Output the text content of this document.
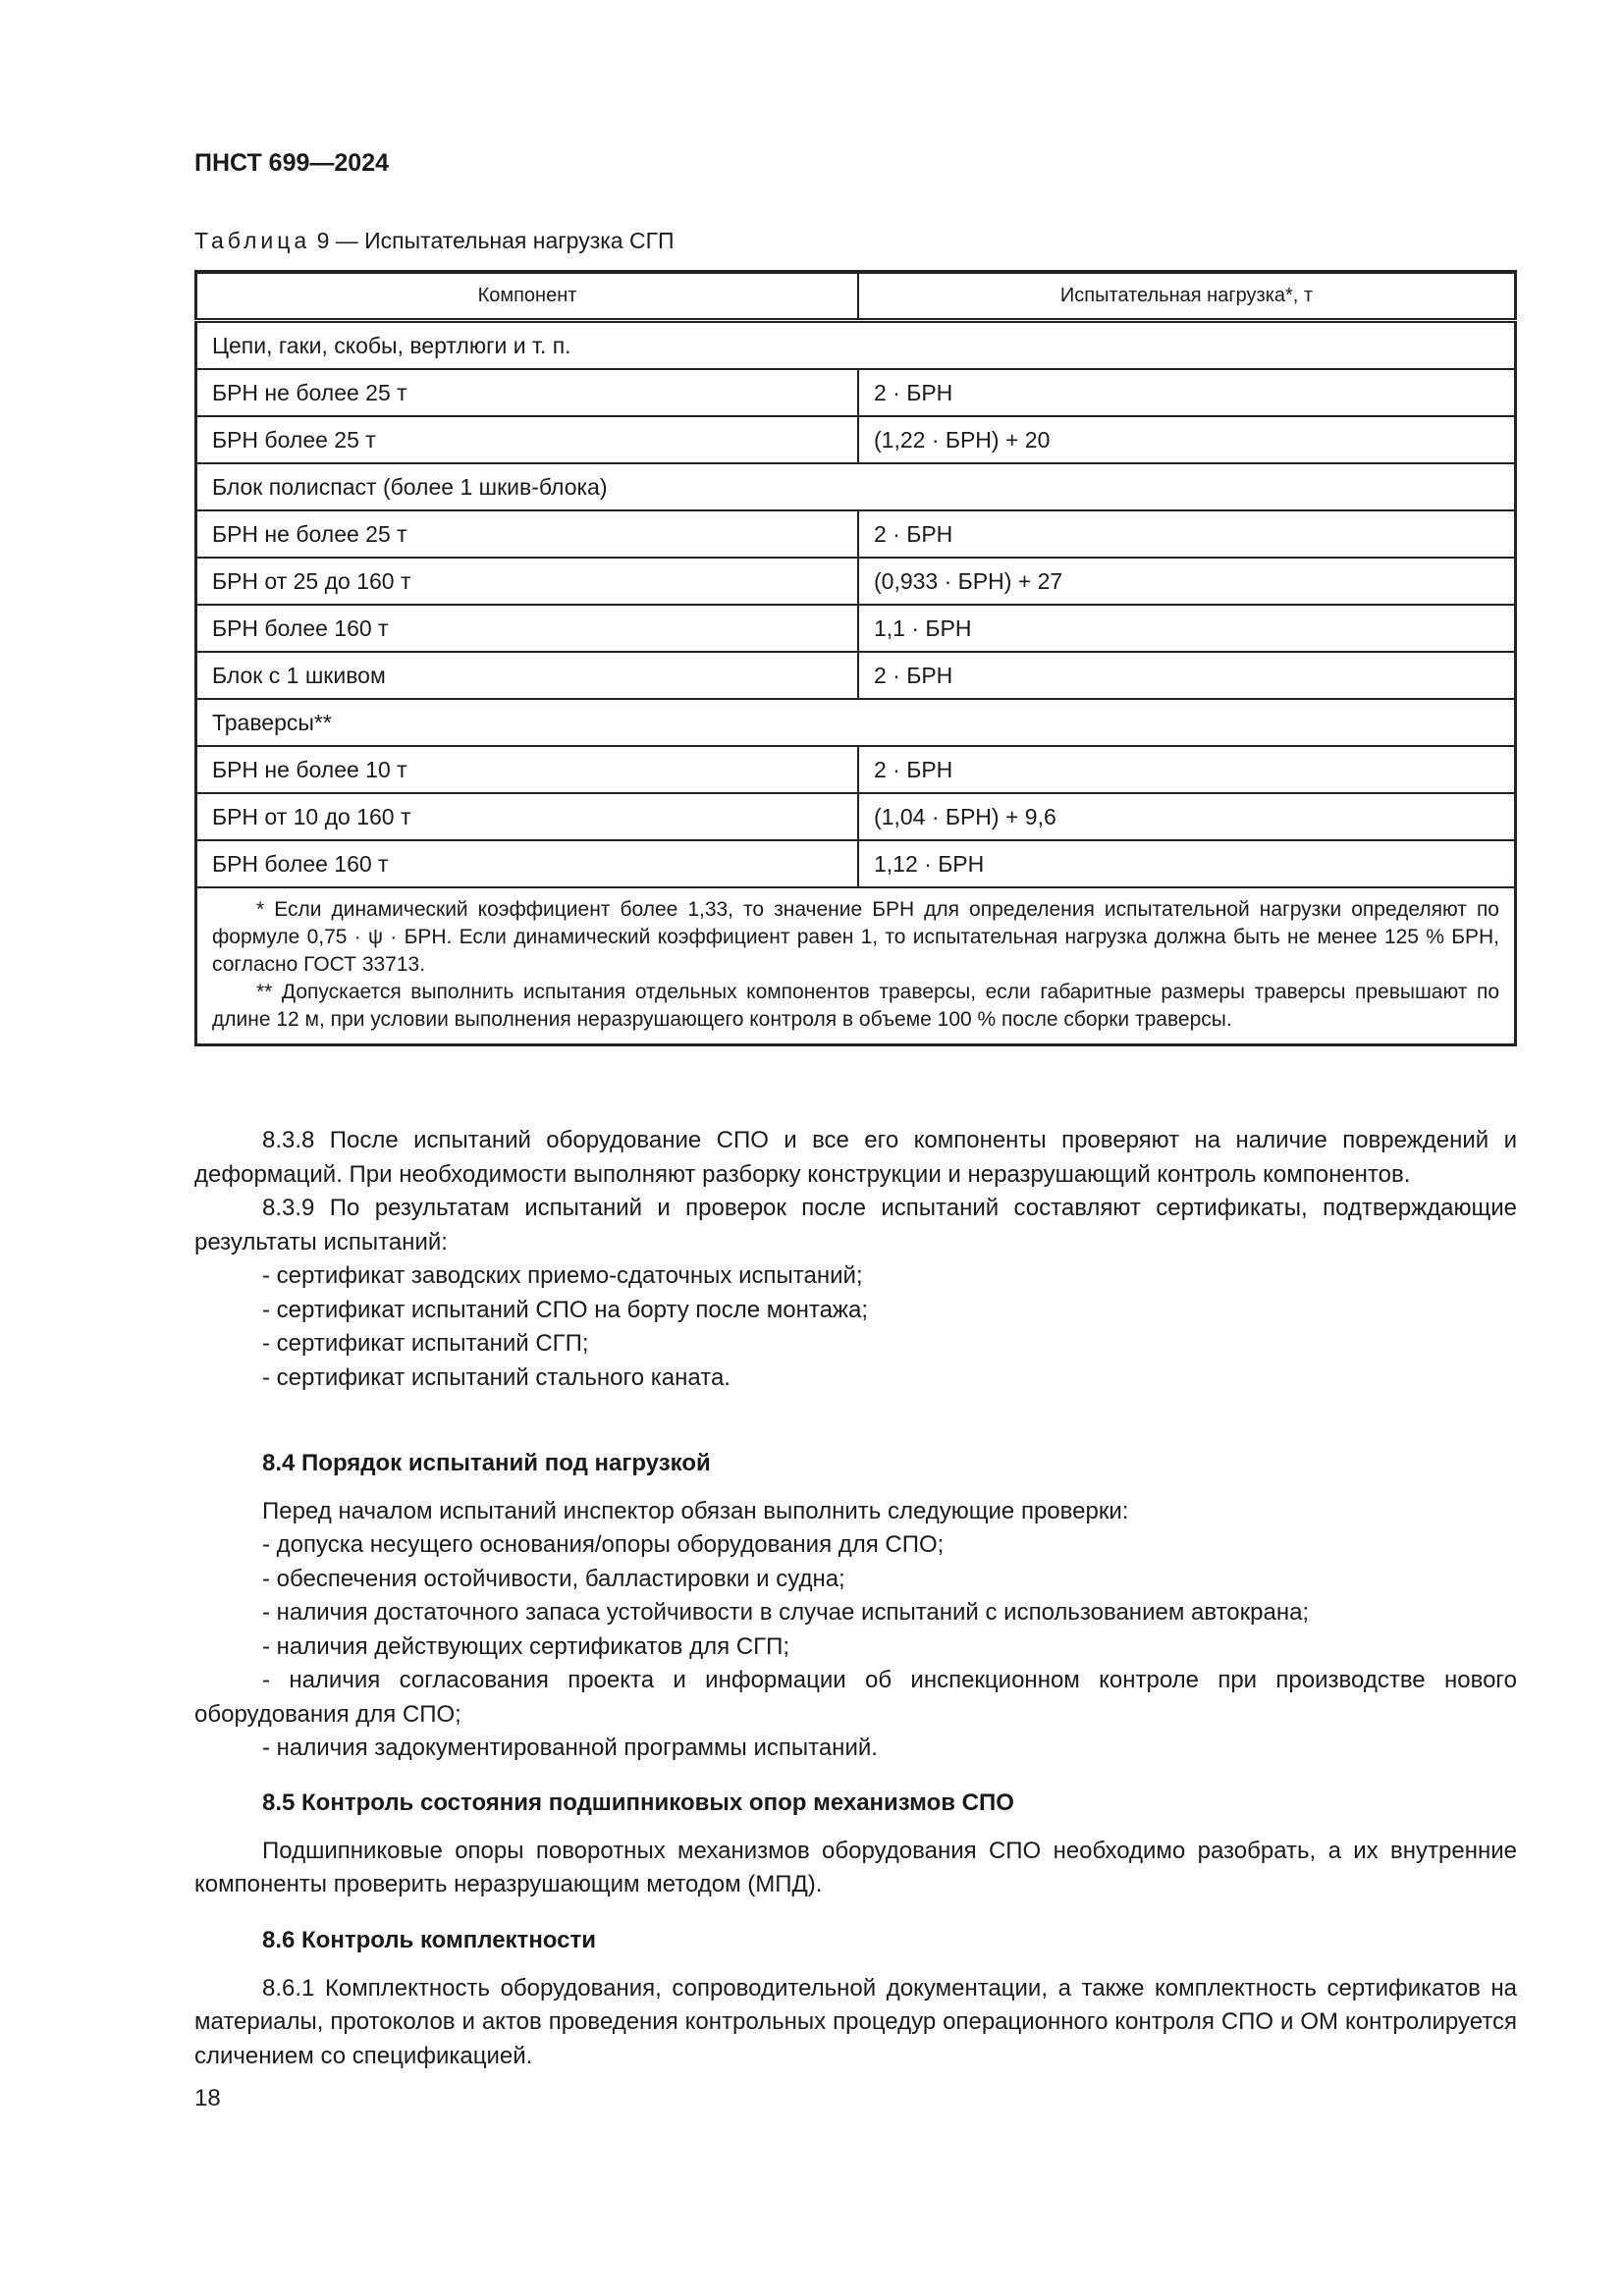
ПНСТ 699—2024
Таблица 9 — Испытательная нагрузка СГП
Компонент	Испытательная нагрузка*, т
Цепи, гаки, скобы, вертлюги и т. п.	
БРН не более 25 т	2 · БРН
БРН более 25 т	(1,22 · БРН) + 20
Блок полиспаст (более 1 шкив-блока)	
БРН не более 25 т	2 · БРН
БРН от 25 до 160 т	(0,933 · БРН) + 27
БРН более 160 т	1,1 · БРН
Блок с 1 шкивом	2 · БРН
Траверсы**	
БРН не более 10 т	2 · БРН
БРН от 10 до 160 т	(1,04 · БРН) + 9,6
БРН более 160 т	1,12 · БРН

* Если динамический коэффициент более 1,33, то значение БРН для определения испытательной нагрузки определяют по формуле 0,75 · ψ · БРН. Если динамический коэффициент равен 1, то испытательная нагрузка должна быть не менее 125 % БРН, согласно ГОСТ 33713.
** Допускается выполнить испытания отдельных компонентов траверсы, если габаритные размеры траверсы превышают по длине 12 м, при условии выполнения неразрушающего контроля в объеме 100 % после сборки траверсы.	

8.3.8 После испытаний оборудование СПО и все его компоненты проверяют на наличие повреждений и деформаций. При необходимости выполняют разборку конструкции и неразрушающий контроль компонентов.

8.3.9 По результатам испытаний и проверок после испытаний составляют сертификаты, подтверждающие результаты испытаний:

- сертификат заводских приемо-сдаточных испытаний;

- сертификат испытаний СПО на борту после монтажа;

- сертификат испытаний СГП;

- сертификат испытаний стального каната.

8.4 Порядок испытаний под нагрузкой

Перед началом испытаний инспектор обязан выполнить следующие проверки:

- допуска несущего основания/опоры оборудования для СПО;

- обеспечения остойчивости, балластировки и судна;

- наличия достаточного запаса устойчивости в случае испытаний с использованием автокрана;

- наличия действующих сертификатов для СГП;

- наличия согласования проекта и информации об инспекционном контроле при производстве нового оборудования для СПО;

- наличия задокументированной программы испытаний.

8.5 Контроль состояния подшипниковых опор механизмов СПО

Подшипниковые опоры поворотных механизмов оборудования СПО необходимо разобрать, а их внутренние компоненты проверить неразрушающим методом (МПД).

8.6 Контроль комплектности

8.6.1 Комплектность оборудования, сопроводительной документации, а также комплектность сертификатов на материалы, протоколов и актов проведения контрольных процедур операционного контроля СПО и ОМ контролируется сличением со спецификацией.

18
